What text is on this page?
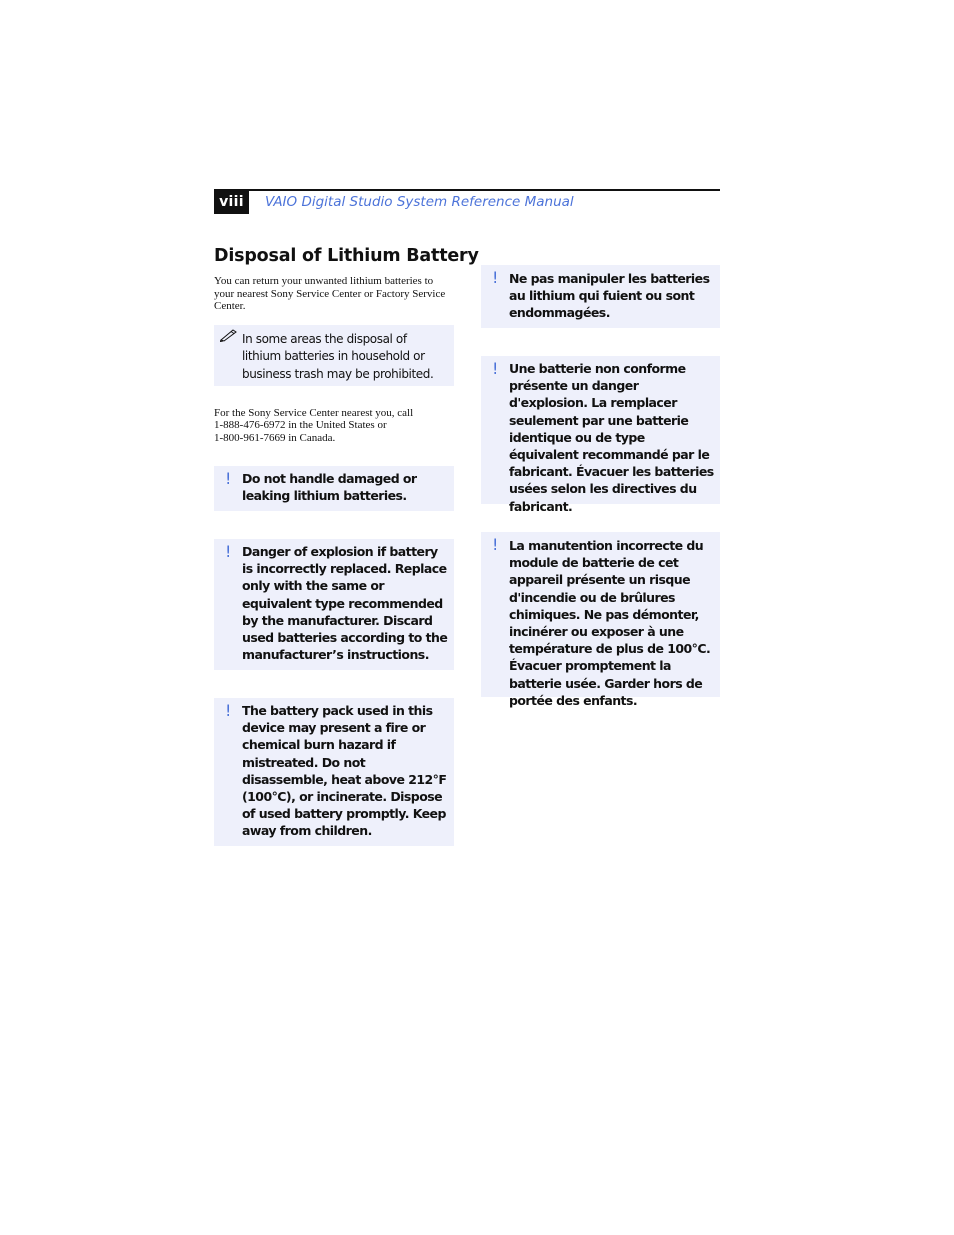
viii	VAIO Digital Studio System Reference Manual
Disposal of Lithium Battery

You can return your unwanted lithium batteries to your nearest Sony Service Center or Factory Service Center.

In some areas the disposal of lithium batteries in household or business trash may be prohibited.

For the Sony Service Center nearest you, call
1-888-476-6972 in the United States or
1-800-961-7669 in Canada.
! Do not handle damaged or leaking lithium batteries.

! Danger of explosion if battery is incorrectly replaced. Replace only with the same or equivalent type recommended by the manufacturer. Discard used batteries according to the manufacturer’s instructions.

! The battery pack used in this device may present a fire or chemical burn hazard if mistreated. Do not disassemble, heat above 212°F (100°C), or incinerate. Dispose of used battery promptly. Keep away from children.

! Ne pas manipuler les batteries au lithium qui fuient ou sont endommagées.

! Une batterie non conforme présente un danger d'explosion. La remplacer seulement par une batterie identique ou de type équivalent recommandé par le fabricant. Évacuer les batteries usées selon les directives du fabricant.

! La manutention incorrecte du module de batterie de cet appareil présente un risque d'incendie ou de brûlures chimiques. Ne pas démonter, incinérer ou exposer à une température de plus de 100°C. Évacuer promptement la batterie usée. Garder hors de portée des enfants.
